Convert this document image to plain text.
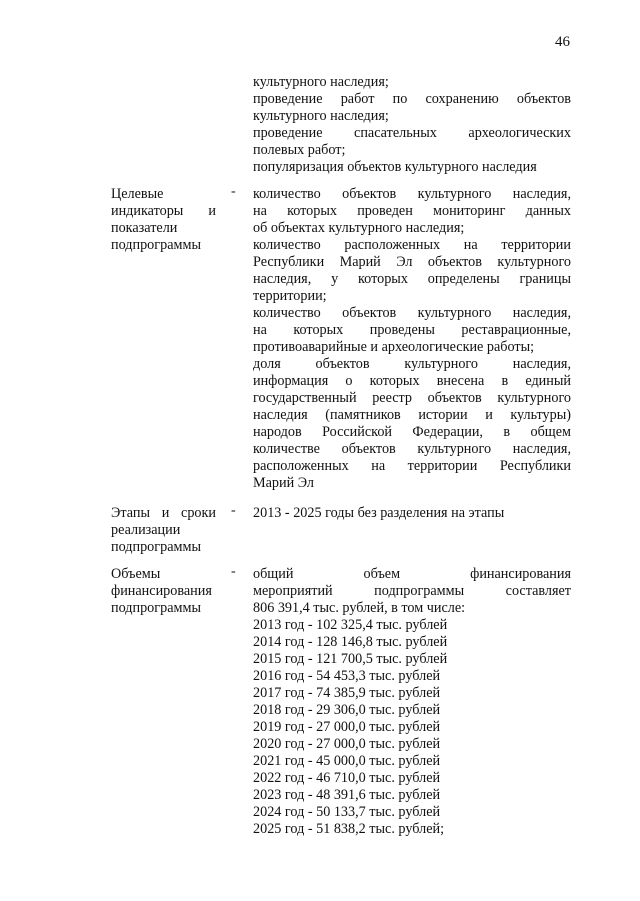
46
культурного наследия;
проведение работ по сохранению объектов
культурного наследия;
проведение спасательных археологических
полевых работ;
популяризация объектов культурного наследия
Целевые
индикаторы и
показатели
подпрограммы
- количество объектов культурного наследия,
на которых проведен мониторинг данных
об объектах культурного наследия;
количество расположенных на территории
Республики Марий Эл объектов культурного
наследия, у которых определены границы
территории;
количество объектов культурного наследия,
на которых проведены реставрационные,
противоаварийные и археологические работы;
доля объектов культурного наследия,
информация о которых внесена в единый
государственный реестр объектов культурного
наследия (памятников истории и культуры)
народов Российской Федерации, в общем
количестве объектов культурного наследия,
расположенных на территории Республики
Марий Эл
Этапы и сроки
реализации
подпрограммы
- 2013 - 2025 годы без разделения на этапы
Объемы
финансирования
подпрограммы
- общий объем финансирования
мероприятий подпрограммы составляет
806 391,4 тыс. рублей, в том числе:
2013 год - 102 325,4 тыс. рублей
2014 год - 128 146,8 тыс. рублей
2015 год - 121 700,5 тыс. рублей
2016 год - 54 453,3 тыс. рублей
2017 год - 74 385,9 тыс. рублей
2018 год - 29 306,0 тыс. рублей
2019 год - 27 000,0 тыс. рублей
2020 год - 27 000,0 тыс. рублей
2021 год - 45 000,0 тыс. рублей
2022 год - 46 710,0 тыс. рублей
2023 год - 48 391,6 тыс. рублей
2024 год - 50 133,7 тыс. рублей
2025 год - 51 838,2 тыс. рублей;
